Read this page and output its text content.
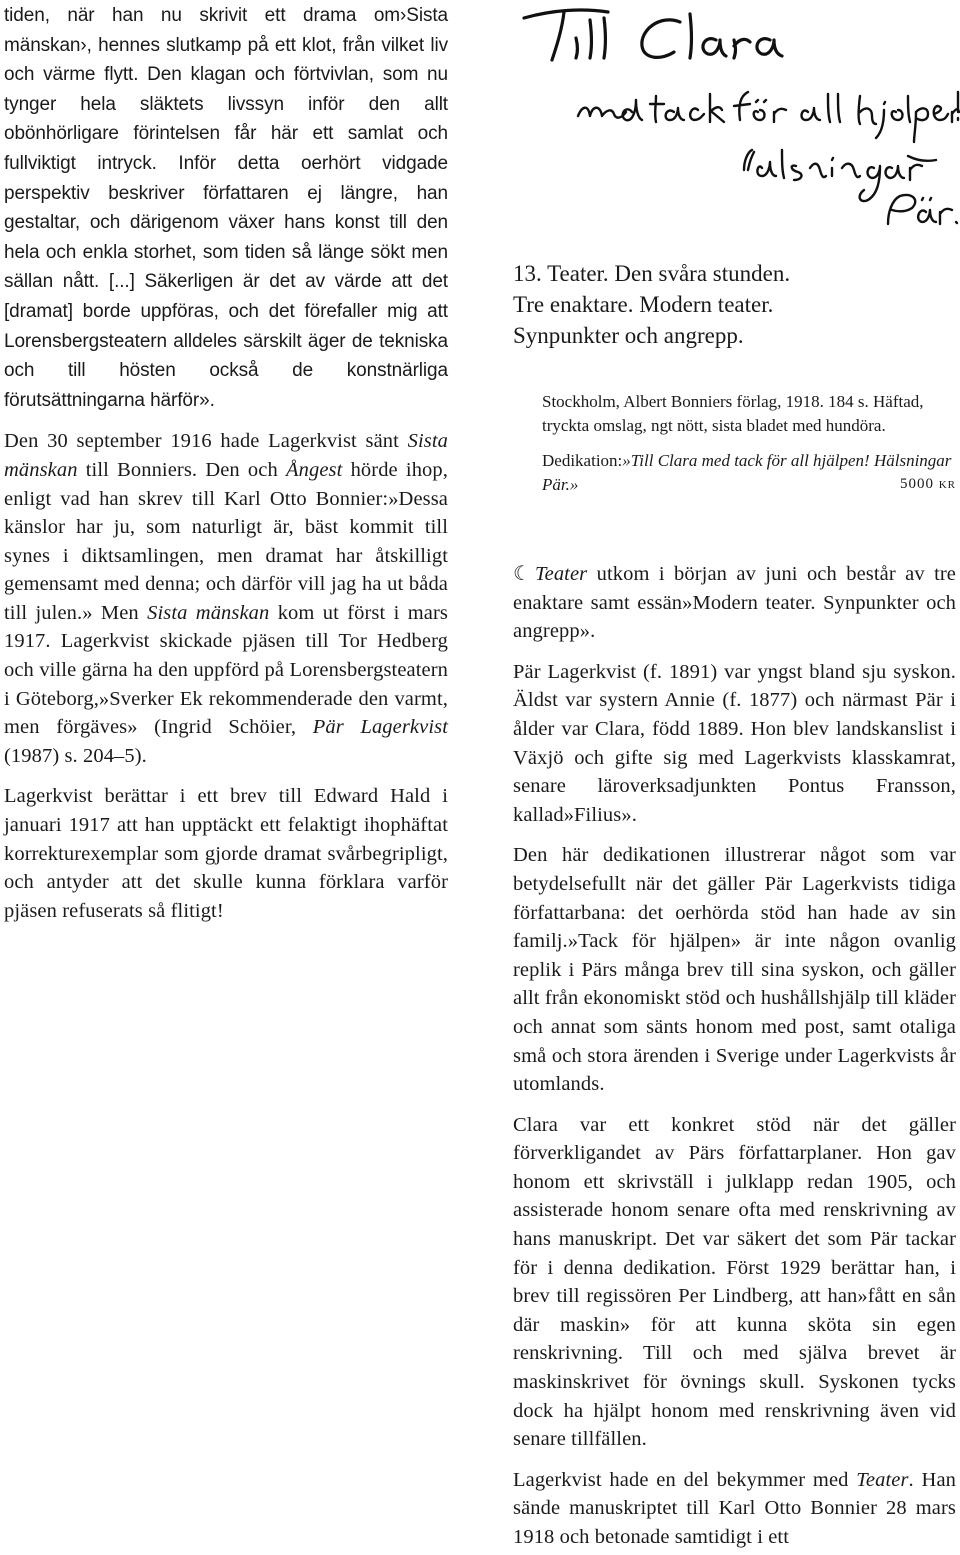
tiden, när han nu skrivit ett drama om›Sista mänskan›, hennes slutkamp på ett klot, från vilket liv och värme flytt. Den klagan och förtvivlan, som nu tynger hela släktets livssyn inför den allt obönhörligare förintelsen får här ett samlat och fullviktigt intryck. Inför detta oerhört vidgade perspektiv beskriver författaren ej längre, han gestaltar, och därigenom växer hans konst till den hela och enkla storhet, som tiden så länge sökt men sällan nått. [...] Säkerligen är det av värde att det [dramat] borde uppföras, och det förefaller mig att Lorensbergsteatern alldeles särskilt äger de tekniska och till hösten också de konstnärliga förutsättningarna härför».

Den 30 september 1916 hade Lagerkvist sänt Sista mänskan till Bonniers. Den och Ångest hörde ihop, enligt vad han skrev till Karl Otto Bonnier:»Dessa känslor har ju, som naturligt är, bäst kommit till synes i diktsamlingen, men dramat har åtskilligt gemensamt med denna; och därför vill jag ha ut båda till julen.» Men Sista mänskan kom ut först i mars 1917. Lagerkvist skickade pjäsen till Tor Hedberg och ville gärna ha den uppförd på Lorensbergsteatern i Göteborg,»Sverker Ek rekommenderade den varmt, men förgäves» (Ingrid Schöier, Pär Lagerkvist (1987) s. 204–5).

Lagerkvist berättar i ett brev till Edward Hald i januari 1917 att han upptäckt ett felaktigt ihophäftat korrekturexemplar som gjorde dramat svårbegripligt, och antyder att det skulle kunna förklara varför pjäsen refuserats så flitigt!

13. Teater. Den svåra stunden.
Tre enaktare. Modern teater.
Synpunkter och angrepp.

Stockholm, Albert Bonniers förlag, 1918. 184 s. Häftad, tryckta omslag, ngt nött, sista bladet med hundöra.

Dedikation:»Till Clara med tack för all hjälpen! Hälsningar Pär.»	5000 kr

☾ Teater utkom i början av juni och består av tre enaktare samt essän»Modern teater. Synpunkter och angrepp».

Pär Lagerkvist (f. 1891) var yngst bland sju syskon. Äldst var systern Annie (f. 1877) och närmast Pär i ålder var Clara, född 1889. Hon blev landskanslist i Växjö och gifte sig med Lagerkvists klasskamrat, senare läroverksadjunkten Pontus Fransson, kallad»Filius».

Den här dedikationen illustrerar något som var betydelsefullt när det gäller Pär Lagerkvists tidiga författarbana: det oerhörda stöd han hade av sin familj.»Tack för hjälpen» är inte någon ovanlig replik i Pärs många brev till sina syskon, och gäller allt från ekonomiskt stöd och hushållshjälp till kläder och annat som sänts honom med post, samt otaliga små och stora ärenden i Sverige under Lagerkvists år utomlands.

Clara var ett konkret stöd när det gäller förverkligandet av Pärs författarplaner. Hon gav honom ett skrivställ i julklapp redan 1905, och assisterade honom senare ofta med renskrivning av hans manuskript. Det var säkert det som Pär tackar för i denna dedikation. Först 1929 berättar han, i brev till regissören Per Lindberg, att han»fått en sån där maskin» för att kunna sköta sin egen renskrivning. Till och med själva brevet är maskinskrivet för övnings skull. Syskonen tycks dock ha hjälpt honom med renskrivning även vid senare tillfällen.

Lagerkvist hade en del bekymmer med Teater. Han sände manuskriptet till Karl Otto Bonnier 28 mars 1918 och betonade samtidigt i ett
